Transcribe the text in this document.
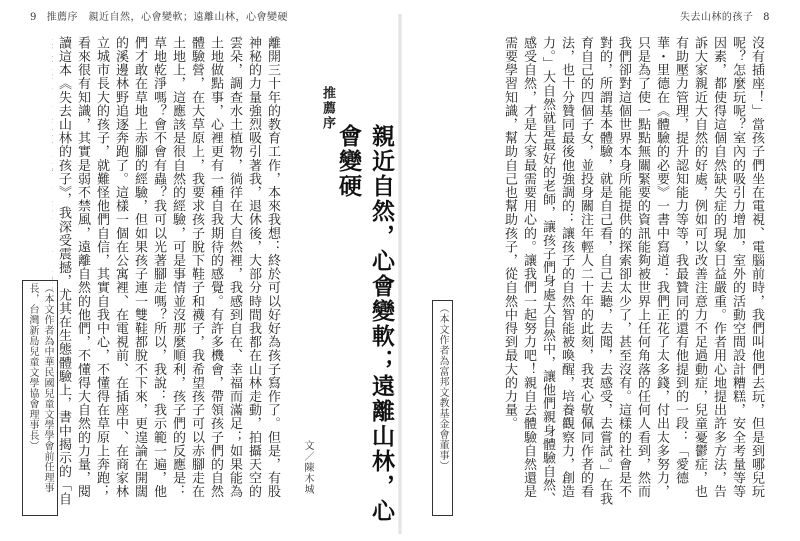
9 推薦序　親近自然，心會變軟；遠離山林，心會變硬	失去山林的孩子 8
沒有插座！」當孩子們坐在電視、電腦前時，我們叫他們去玩，但是到哪兒玩呢？怎麼玩呢？室內的吸引力增加，室外的活動空間設計糟糕，安全考量等等因素，都使得這個自然缺失症的現象日益嚴重。作者用心地提出許多方法，告訴大家親近大自然的好處，例如可以改善注意力不足過動症，兒童憂鬱症，也有助壓力管理，提升認知能力等等，我最贊同的還有他提到的一段：「愛德華・里德在《體驗的必要》一書中寫道：我們正花了太多錢，付出太多努力，只是為了使一點點無關緊要的資訊能夠被世界上任何角落的任何人看到，然而我們卻對這個世界本身所能提供的探索卻太少了，甚至沒有。這樣的社會是不對的，所謂基本體驗，就是自己看，自己去聽，去聞，去感受，去嘗試。」在我育自己的四個子女，並投身關注年輕人二十年的此刻，我衷心敬佩同作者的看法，也十分贊同最後他強調的：讓孩子的自然智能被喚醒，培養觀察力，創造力。」大自然就是最好的老師，讓孩子們身處大自然中，讓他們親身體驗自然、感受自然，才是大家最需要用心的。讓我們一起努力吧！親自去體驗自然還是需要學習知識，幫助自己也幫助孩子，從自然中得到最大的力量。
（本文作者為富邦文教基金會董事）
推薦序
親近自然，心會變軟；遠離山林，心會變硬
文／陳木城
離開三十年的教育工作，本來我想：終於可以好好為孩子寫作了。但是，有股神秘的力量強烈吸引著我，退休後，大部分時間我都在山林走動，拍攝天空的雲朵，調查水土植物，徜徉在大自然裡，我感到自在、幸福而滿足；如果能為土地做點事，心裡更有一種自我期待的感覺。有許多機會，帶領孩子們的自然體驗營，在大草原上，我要求孩子脫下鞋子和襪子，我希望孩子可以赤腳走在土地上，這應該是很自然的經驗，可是事情並沒那麼順利，孩子們的反應是：草地乾淨嗎？會不會有蟲？我可以光著腳走嗎？所以，我說：我示範一遍，他們才敢在草地上赤腳的經驗，但如果孩子連一雙鞋都脫不下來，更遑論在開闊的溪邊林野追逐奔跑了。這樣一個在公寓裡、在電視前、在插座中、在商家林立城市長大的孩子，就難怪他們自信，其實自我中心，不懂得在草原上奔跑；看來很有知識，其實是弱不禁風，遠離自然的他們，不懂得大自然的力量，閱讀這本《失去山林的孩子》，我深受震撼，尤其在生態體驗上，書中揭示的「自
（本文作者為中華民國兒童文學學會前任理事長，台灣新島兒童文學協會理事長）
